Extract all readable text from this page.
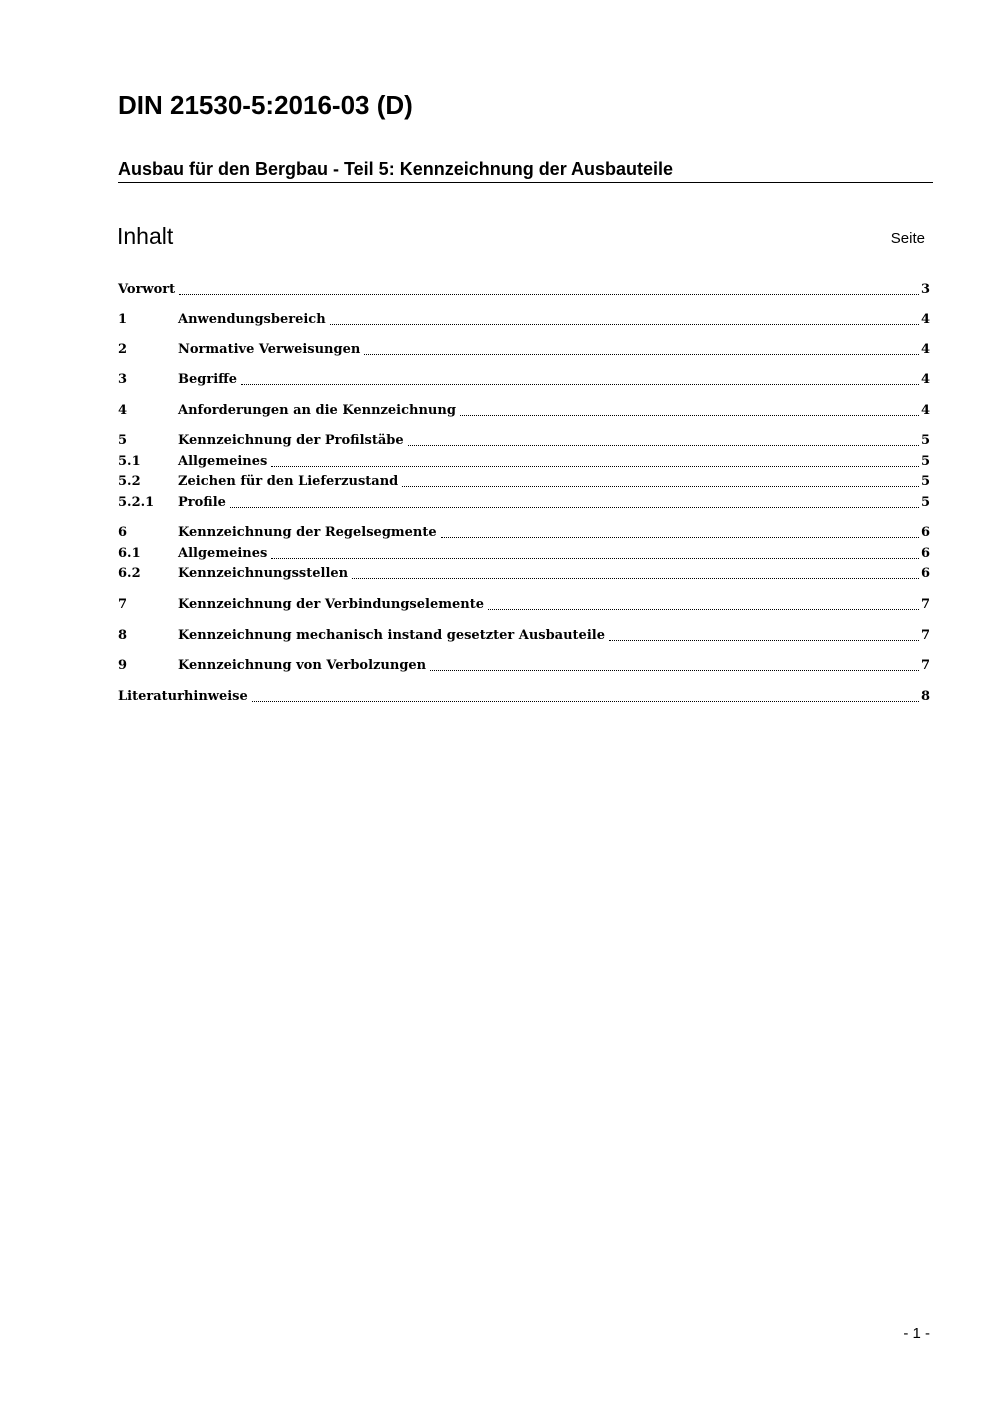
DIN 21530-5:2016-03 (D)
Ausbau für den Bergbau - Teil 5: Kennzeichnung der Ausbauteile
Inhalt	Seite
Vorwort	3
1	Anwendungsbereich	4
2	Normative Verweisungen	4
3	Begriffe	4
4	Anforderungen an die Kennzeichnung	4
5	Kennzeichnung der Profilstäbe	5
5.1	Allgemeines	5
5.2	Zeichen für den Lieferzustand	5
5.2.1	Profile	5
6	Kennzeichnung der Regelsegmente	6
6.1	Allgemeines	6
6.2	Kennzeichnungsstellen	6
7	Kennzeichnung der Verbindungselemente	7
8	Kennzeichnung mechanisch instand gesetzter Ausbauteile	7
9	Kennzeichnung von Verbolzungen	7
Literaturhinweise	8
- 1 -
